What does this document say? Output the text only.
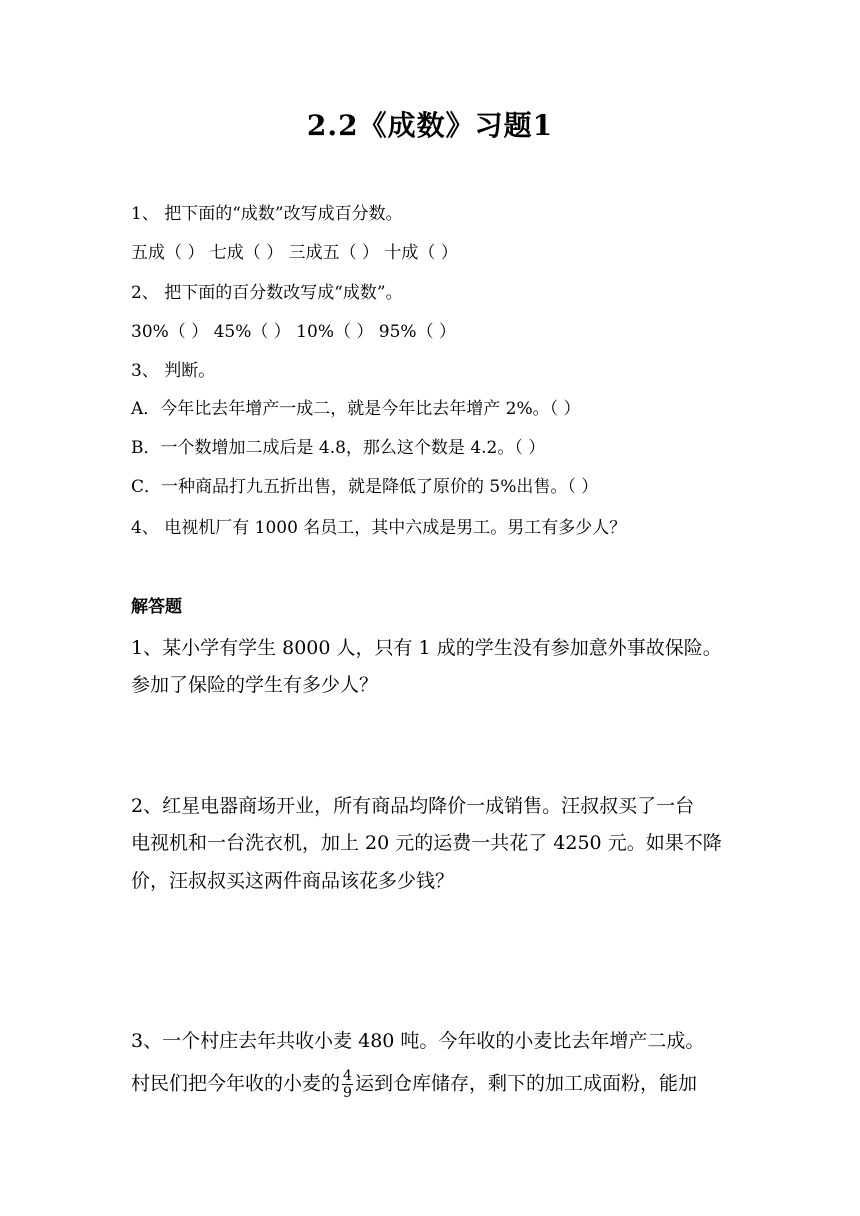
2.2《成数》习题1
1、 把下面的“成数”改写成百分数。
五成（ ） 七成（ ） 三成五（ ） 十成（ ）
2、 把下面的百分数改写成“成数”。
30%（ ） 45%（ ） 10%（ ） 95%（ ）
3、 判断。
A．今年比去年增产一成二，就是今年比去年增产 2%。（ ）
B．一个数增加二成后是 4.8，那么这个数是 4.2。（ ）
C．一种商品打九五折出售，就是降低了原价的 5%出售。（ ）
4、 电视机厂有 1000 名员工，其中六成是男工。男工有多少人？
解答题
1、某小学有学生 8000 人，只有 1 成的学生没有参加意外事故保险。
参加了保险的学生有多少人？
2、红星电器商场开业，所有商品均降价一成销售。汪叔叔买了一台
电视机和一台洗衣机，加上 20 元的运费一共花了 4250 元。如果不降
价，汪叔叔买这两件商品该花多少钱？
3、一个村庄去年共收小麦 480 吨。今年收的小麦比去年增产二成。
村民们把今年收的小麦的 $\frac{4}{9}$ 运到仓库储存，剩下的加工成面粉，能加
